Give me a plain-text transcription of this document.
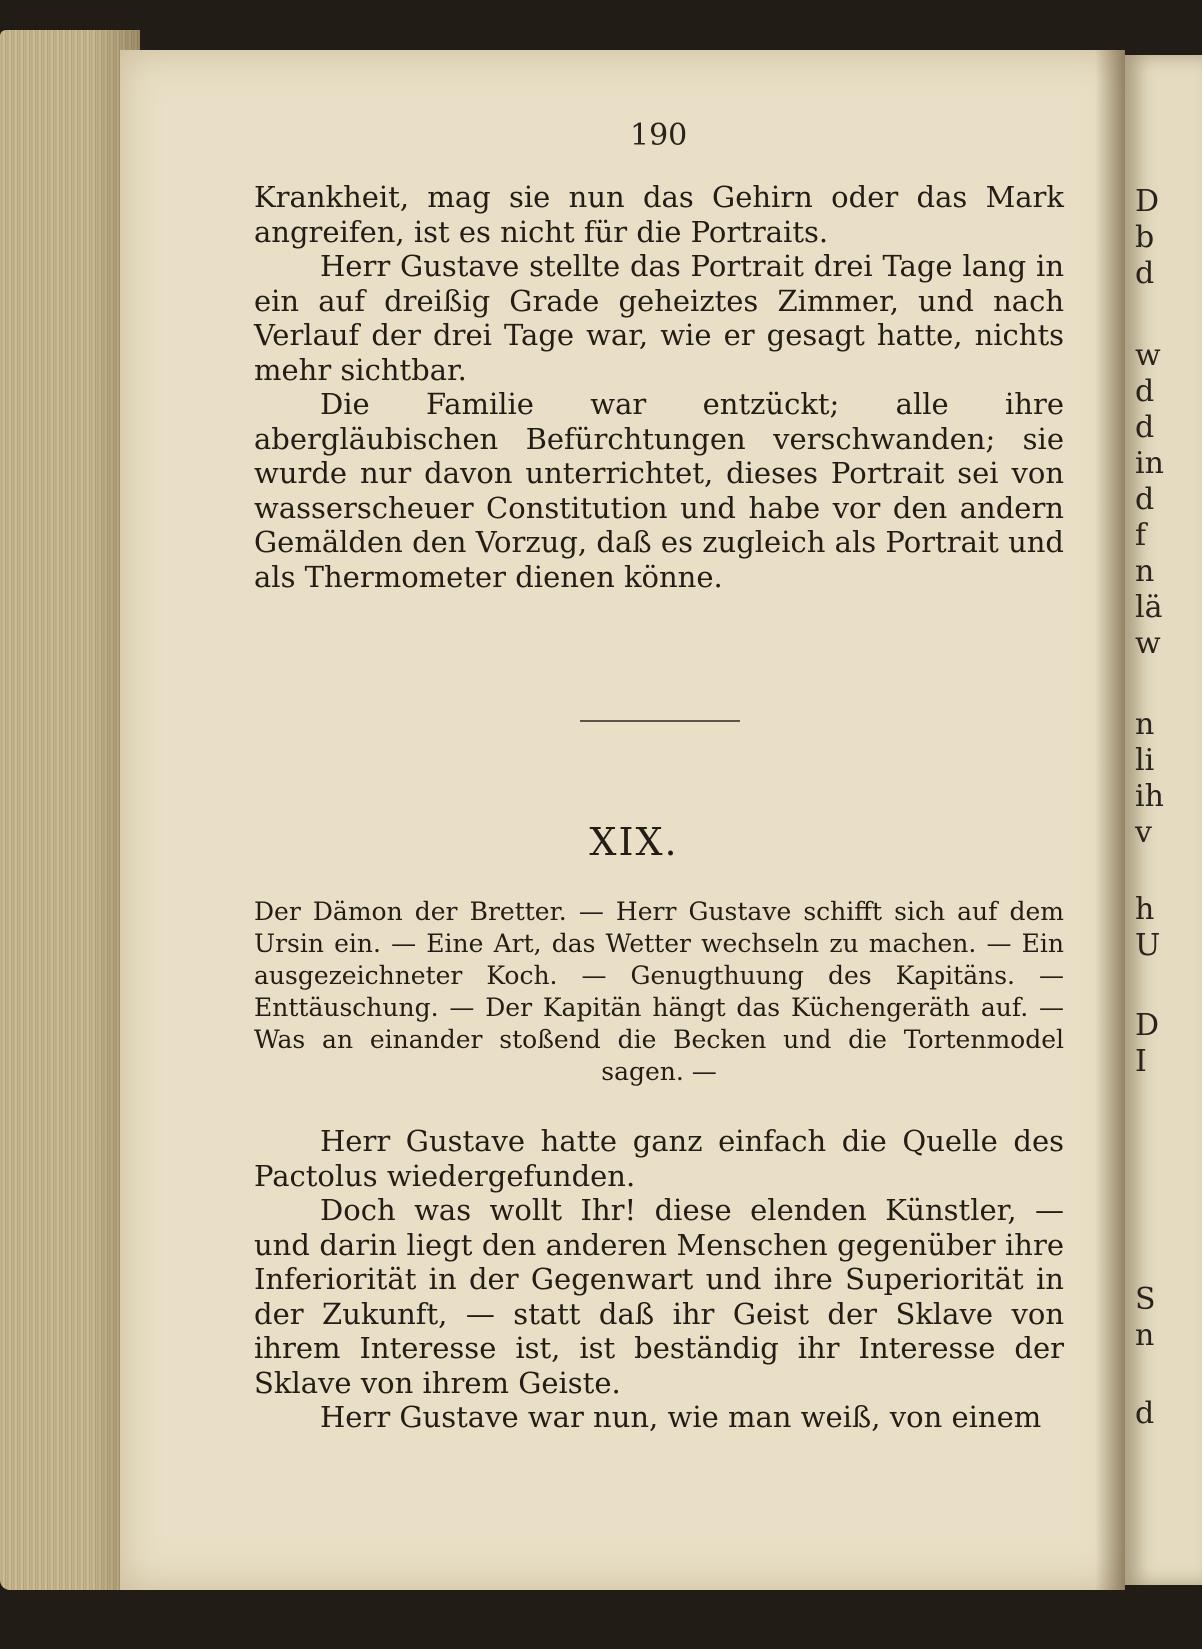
D
b
d
w
d
d
in
d
f
n
lä
w
n
li
ih
v
h
U
D
I
S
n
d
190

Krankheit, mag sie nun das Gehirn oder das Mark angreifen, ist es nicht für die Portraits.

Herr Gustave stellte das Portrait drei Tage lang in ein auf dreißig Grade geheiztes Zimmer, und nach Verlauf der drei Tage war, wie er gesagt hatte, nichts mehr sichtbar.

Die Familie war entzückt; alle ihre abergläubischen Befürchtungen verschwanden; sie wurde nur davon unterrichtet, dieses Portrait sei von wasserscheuer Constitution und habe vor den andern Gemälden den Vorzug, daß es zugleich als Portrait und als Thermometer dienen könne.

XIX.

Der Dämon der Bretter. — Herr Gustave schifft sich auf dem Ursin ein. — Eine Art, das Wetter wechseln zu machen. — Ein ausgezeichneter Koch. — Genugthuung des Kapitäns. — Enttäuschung. — Der Kapitän hängt das Küchengeräth auf. — Was an einander stoßend die Becken und die Tortenmodel sagen. —

Herr Gustave hatte ganz einfach die Quelle des Pactolus wiedergefunden.

Doch was wollt Ihr! diese elenden Künstler, — und darin liegt den anderen Menschen gegenüber ihre Inferiorität in der Gegenwart und ihre Superiorität in der Zukunft, — statt daß ihr Geist der Sklave von ihrem Interesse ist, ist beständig ihr Interesse der Sklave von ihrem Geiste.

Herr Gustave war nun, wie man weiß, von einem
